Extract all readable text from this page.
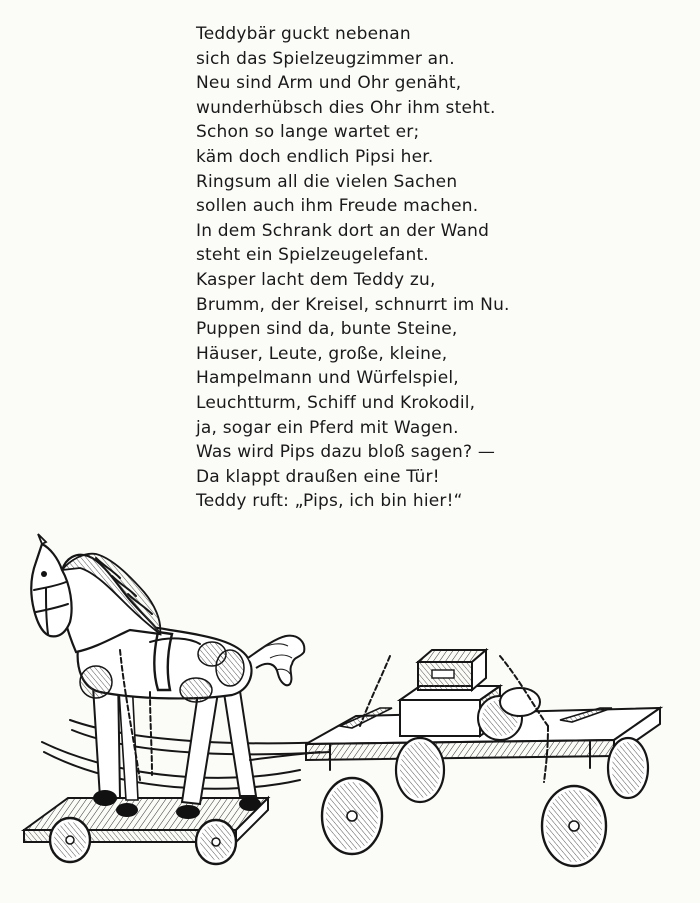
Teddybär guckt nebenan
sich das Spielzeugzimmer an.
Neu sind Arm und Ohr genäht,
wunderhübsch dies Ohr ihm steht.
Schon so lange wartet er;
käm doch endlich Pipsi her.
Ringsum all die vielen Sachen
sollen auch ihm Freude machen.
In dem Schrank dort an der Wand
steht ein Spielzeugelefant.
Kasper lacht dem Teddy zu,
Brumm, der Kreisel, schnurrt im Nu.
Puppen sind da, bunte Steine,
Häuser, Leute, große, kleine,
Hampelmann und Würfelspiel,
Leuchtturm, Schiff und Krokodil,
ja, sogar ein Pferd mit Wagen.
Was wird Pips dazu bloß sagen? —
Da klappt draußen eine Tür!
Teddy ruft: „Pips, ich bin hier!“
